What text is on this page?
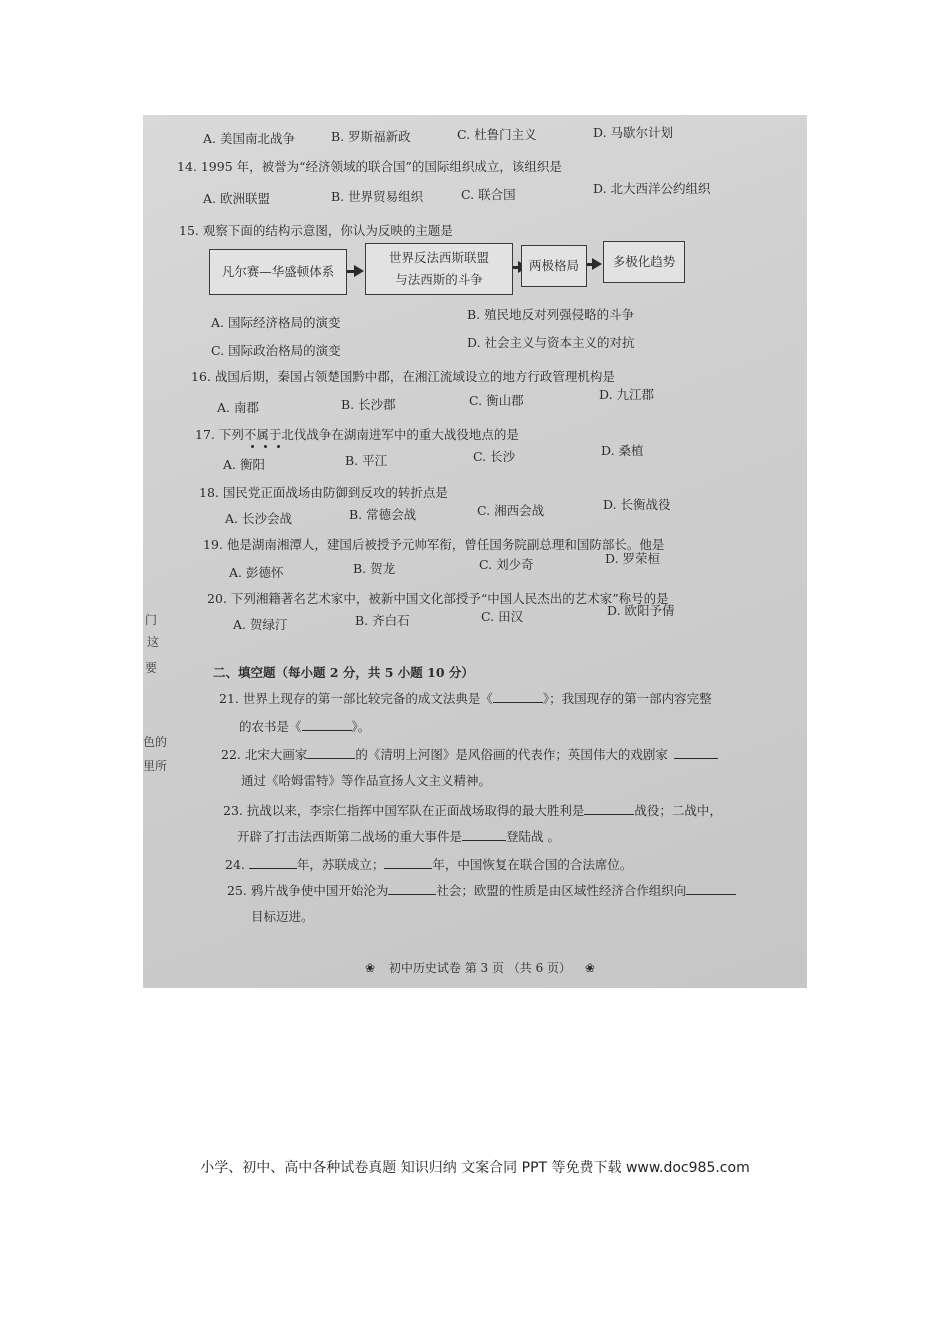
A. 美国南北战争	B. 罗斯福新政	C. 杜鲁门主义	D. 马歇尔计划
14. 1995 年，被誉为“经济领域的联合国”的国际组织成立，该组织是
A. 欧洲联盟	B. 世界贸易组织	C. 联合国	D. 北大西洋公约组织
15. 观察下面的结构示意图，你认为反映的主题是
凡尔赛—华盛顿体系
世界反法西斯联盟
与法西斯的斗争
两极格局	多极化趋势
A. 国际经济格局的演变
B. 殖民地反对列强侵略的斗争
C. 国际政治格局的演变
D. 社会主义与资本主义的对抗
16. 战国后期，秦国占领楚国黔中郡，在湘江流域设立的地方行政管理机构是
A. 南郡	B. 长沙郡	C. 衡山郡	D. 九江郡
17. 下列不属于北伐战争在湖南进军中的重大战役地点的是
A. 衡阳	B. 平江	C. 长沙	D. 桑植
18. 国民党正面战场由防御到反攻的转折点是
A. 长沙会战	B. 常德会战	C. 湘西会战	D. 长衡战役
19. 他是湖南湘潭人，建国后被授予元帅军衔，曾任国务院副总理和国防部长。他是
A. 彭德怀	B. 贺龙	C. 刘少奇	D. 罗荣桓
20. 下列湘籍著名艺术家中，被新中国文化部授予“中国人民杰出的艺术家”称号的是
A. 贺绿汀	B. 齐白石	C. 田汉	D. 欧阳予倩
二、填空题（每小题 2 分，共 5 小题 10 分）
21. 世界上现存的第一部比较完备的成文法典是《	》；我国现存的第一部内容完整
的农书是《	》。
22. 北宋大画家	的《清明上河图》是风俗画的代表作；英国伟大的戏剧家
通过《哈姆雷特》等作品宣扬人文主义精神。
23. 抗战以来，李宗仁指挥中国军队在正面战场取得的最大胜利是	战役；二战中，
开辟了打击法西斯第二战场的重大事件是	登陆战 。
24.	年，苏联成立；	年，中国恢复在联合国的合法席位。
25. 鸦片战争使中国开始沦为	社会；欧盟的性质是由区域性经济合作组织向
目标迈进。
❀ 初中历史试卷 第 3 页 （共 6 页） ❀
门
这
要
色的
里所
小学、初中、高中各种试卷真题 知识归纳 文案合同 PPT 等免费下载 www.doc985.com
